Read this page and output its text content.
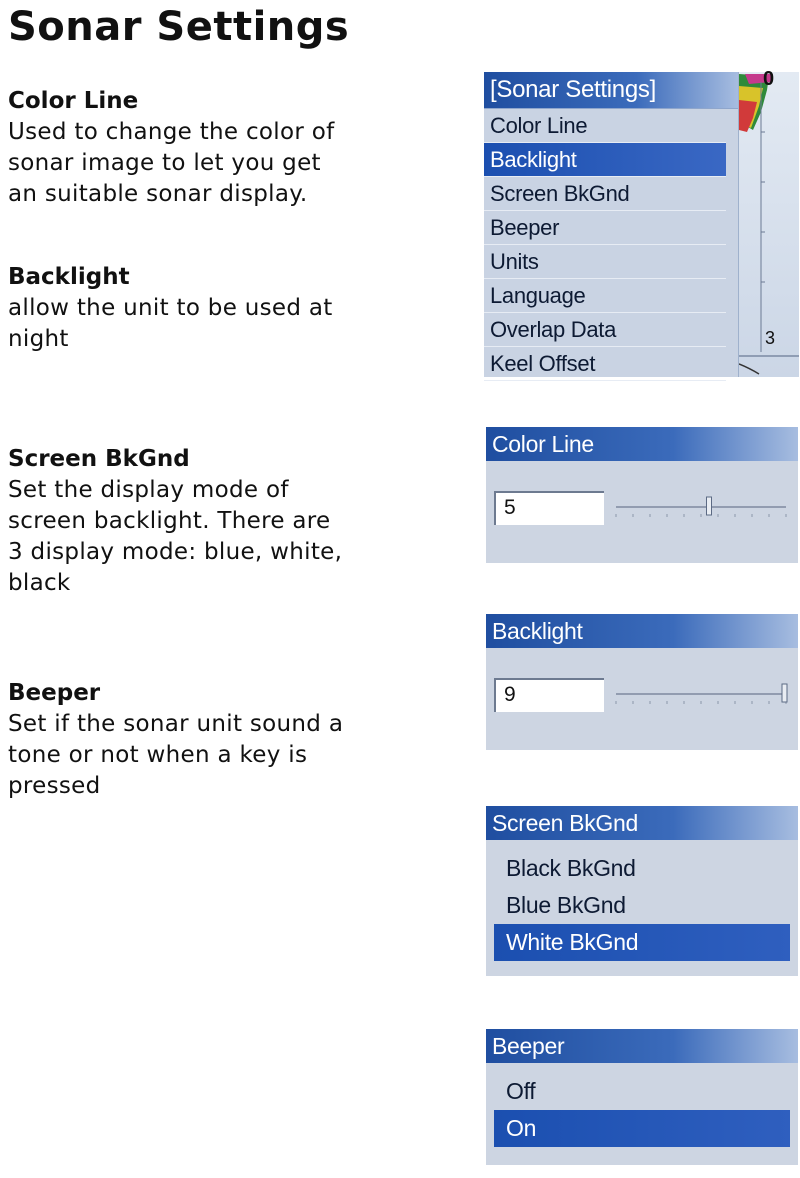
Sonar Settings
Color Line

Used to change the color of

sonar image to let you get

an suitable sonar display.

Backlight

allow the unit to be used at

night

Screen BkGnd

Set the display mode of

screen backlight. There are

3 display mode: blue, white,

black

Beeper

Set if the sonar unit sound a

tone or not when a key is

pressed

[Sonar Settings]
Color Line
Backlight
Screen BkGnd
Beeper
Units
Language
Overlap Data
Keel Offset
0
3
Color Line
5
Backlight
9
Screen BkGnd
Black BkGnd
Blue BkGnd
White BkGnd
Beeper
Off
On
